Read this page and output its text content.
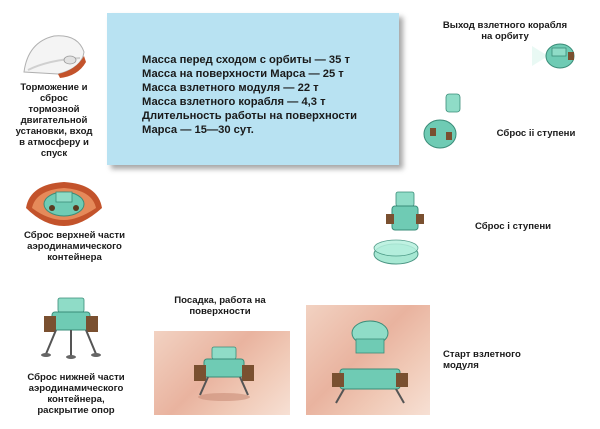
Масса перед сходом с орбиты — 35 т
Масса на поверхности Марса — 25 т
Масса взлетного модуля — 22 т
Масса взлетного корабля — 4,3 т
Длительность работы на поверхности
Марса — 15—30 сут.

Торможение и
сброс
тормозной
двигательной
установки, вход
в атмосферу и
спуск

Сброс верхней части
аэродинамического
контейнера

Сброс нижней части
аэродинамического
контейнера,
раскрытие опор

Посадка, работа на
поверхности

Старт взлетного
модуля

Сброс і ступени

Сброс іі ступени

Выход взлетного корабля
на орбиту
